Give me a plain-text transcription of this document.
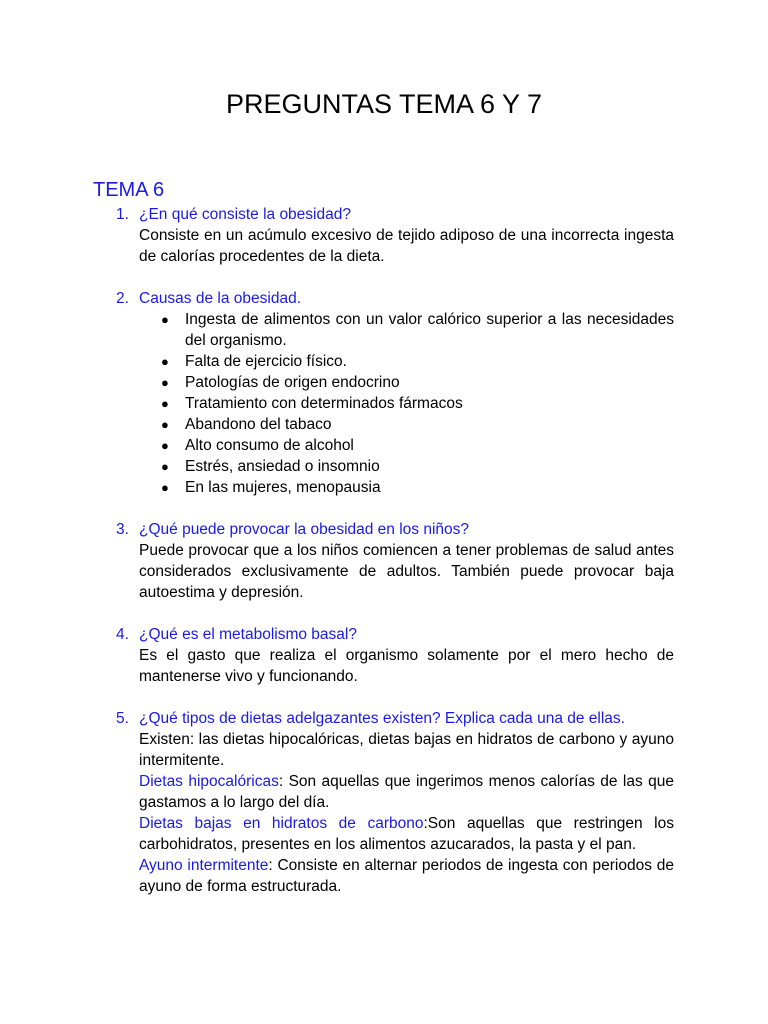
PREGUNTAS TEMA 6 Y 7
TEMA 6
1. ¿En qué consiste la obesidad?
Consiste en un acúmulo excesivo de tejido adiposo de una incorrecta ingesta de calorías procedentes de la dieta.
2. Causas de la obesidad.
● Ingesta de alimentos con un valor calórico superior a las necesidades del organismo.
● Falta de ejercicio físico.
● Patologías de origen endocrino
● Tratamiento con determinados fármacos
● Abandono del tabaco
● Alto consumo de alcohol
● Estrés, ansiedad o insomnio
● En las mujeres, menopausia
3. ¿Qué puede provocar la obesidad en los niños?
Puede provocar que a los niños comiencen a tener problemas de salud antes considerados exclusivamente de adultos. También puede provocar baja autoestima y depresión.
4. ¿Qué es el metabolismo basal?
Es el gasto que realiza el organismo solamente por el mero hecho de mantenerse vivo y funcionando.
5. ¿Qué tipos de dietas adelgazantes existen? Explica cada una de ellas.
Existen: las dietas hipocalóricas, dietas bajas en hidratos de carbono y ayuno intermitente.
Dietas hipocalóricas: Son aquellas que ingerimos menos calorías de las que gastamos a lo largo del día.
Dietas bajas en hidratos de carbono:Son aquellas que restringen los carbohidratos, presentes en los alimentos azucarados, la pasta y el pan.
Ayuno intermitente: Consiste en alternar periodos de ingesta con periodos de ayuno de forma estructurada.
